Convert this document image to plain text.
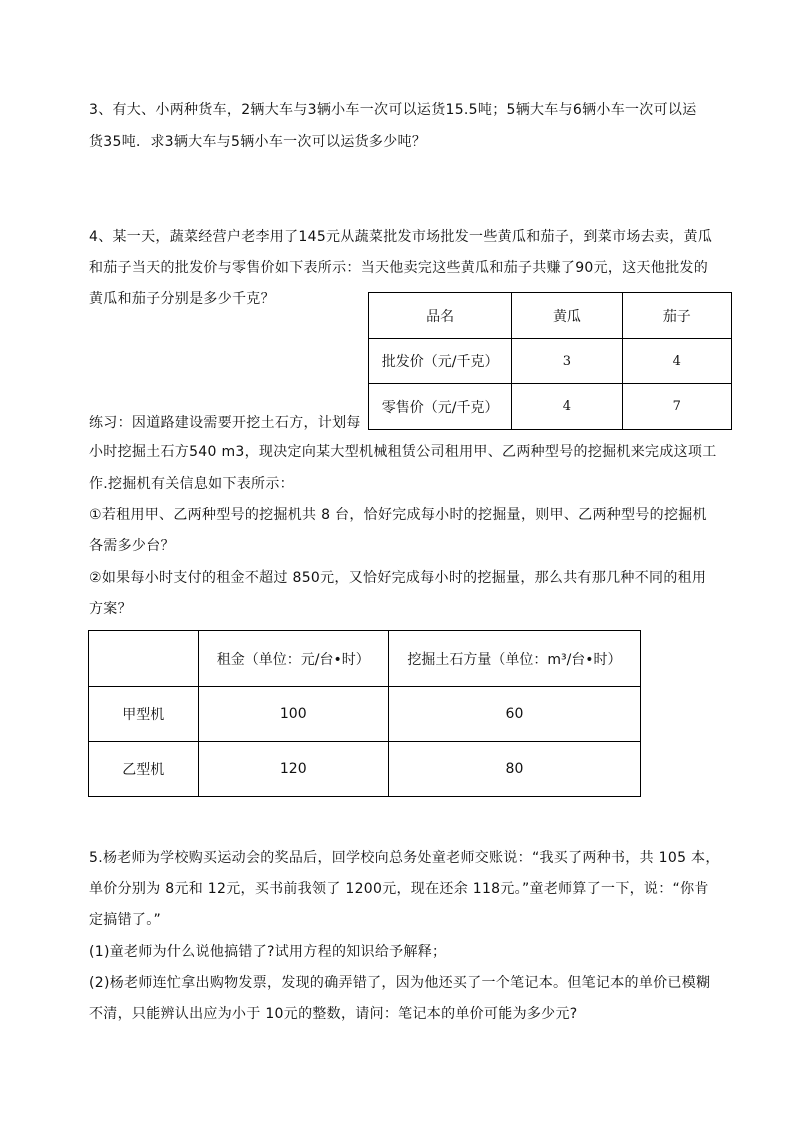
3、有大、小两种货车，2辆大车与3辆小车一次可以运货15.5吨；5辆大车与6辆小车一次可以运
货35吨．求3辆大车与5辆小车一次可以运货多少吨？
4、某一天，蔬菜经营户老李用了145元从蔬菜批发市场批发一些黄瓜和茄子，到菜市场去卖，黄瓜
和茄子当天的批发价与零售价如下表所示：当天他卖完这些黄瓜和茄子共赚了90元，这天他批发的
黄瓜和茄子分别是多少千克？
品名	黄瓜	茄子
批发价（元/千克）	3	4
零售价（元/千克）	4	7
练习：因道路建设需要开挖土石方，计划每
小时挖掘土石方540 m3，现决定向某大型机械租赁公司租用甲、乙两种型号的挖掘机来完成这项工
作.挖掘机有关信息如下表所示：
①若租用甲、乙两种型号的挖掘机共 8 台，恰好完成每小时的挖掘量，则甲、乙两种型号的挖掘机
各需多少台？
②如果每小时支付的租金不超过 850元，又恰好完成每小时的挖掘量，那么共有那几种不同的租用
方案？
	租金（单位：元/台•时）	挖掘土石方量（单位：m³/台•时）
甲型机	100	60
乙型机	120	80
5.杨老师为学校购买运动会的奖品后，回学校向总务处童老师交账说：“我买了两种书，共 105 本，
单价分别为 8元和 12元，买书前我领了 1200元，现在还余 118元。”童老师算了一下，说：“你肯
定搞错了。”
(1)童老师为什么说他搞错了?试用方程的知识给予解释；
(2)杨老师连忙拿出购物发票，发现的确弄错了，因为他还买了一个笔记本。但笔记本的单价已模糊
不清，只能辨认出应为小于 10元的整数，请问：笔记本的单价可能为多少元?
